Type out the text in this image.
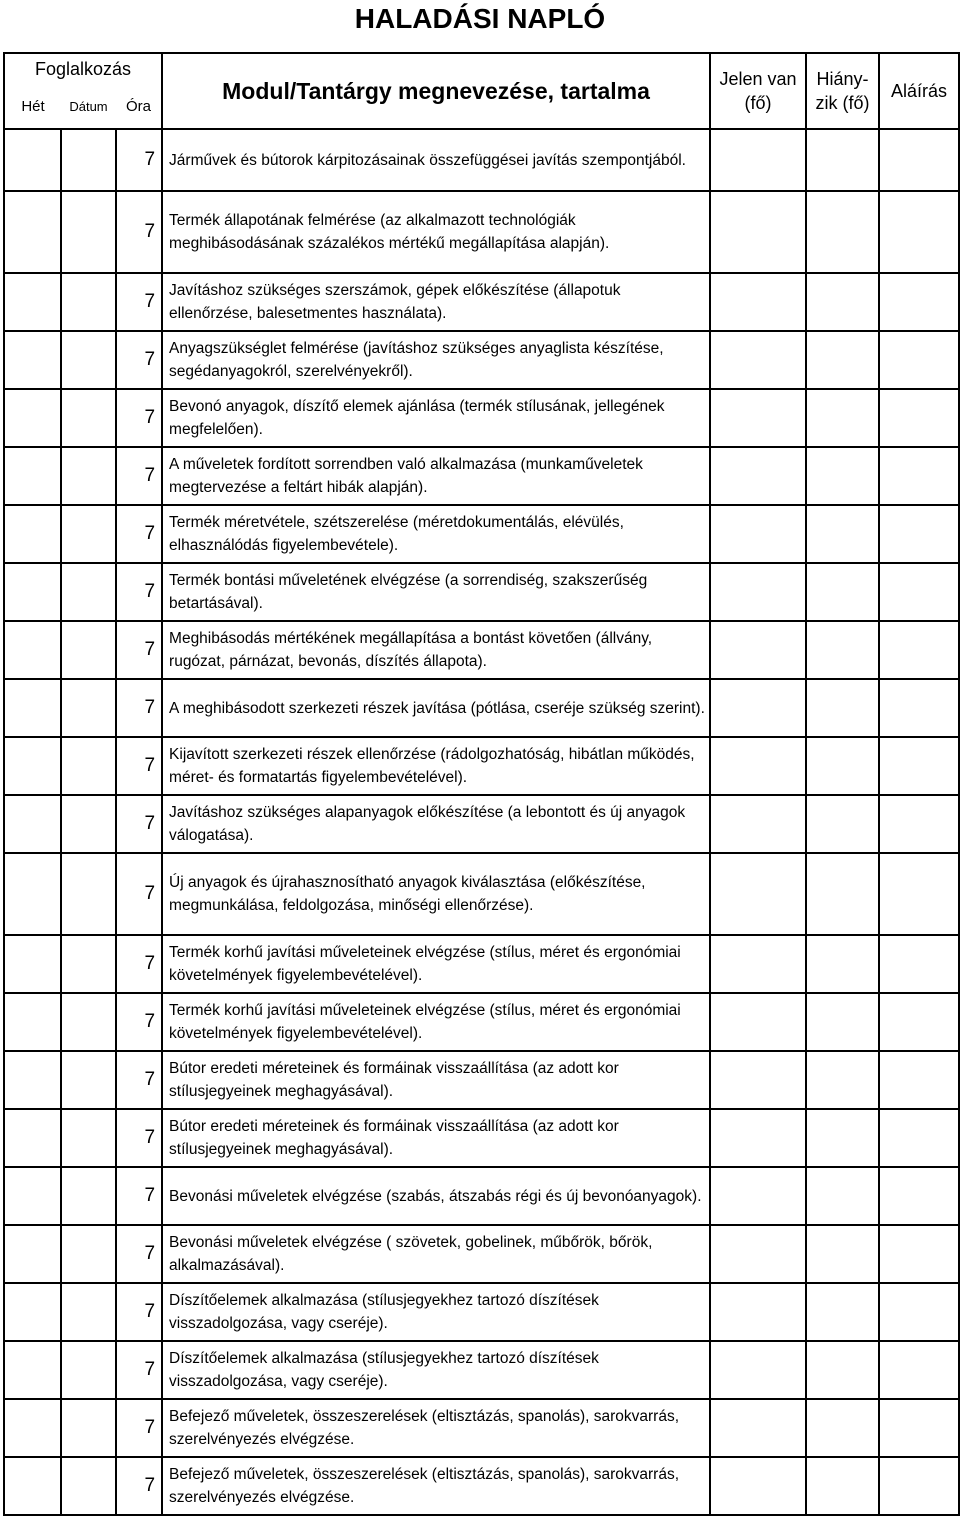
HALADÁSI NAPLÓ
Foglalkozás			Modul/Tantárgy megnevezése, tartalma	Jelen van (fő)	Hiány-zik (fő)	Aláírás
Hét	Dátum	Óra				
		7	Járművek és bútorok kárpitozásainak összefüggései javítás szempontjából.			
		7	Termék állapotának felmérése (az alkalmazott technológiák meghibásodásának százalékos mértékű megállapítása alapján).			
		7	Javításhoz szükséges szerszámok, gépek előkészítése (állapotuk ellenőrzése, balesetmentes használata).			
		7	Anyagszükséglet felmérése (javításhoz szükséges anyaglista készítése, segédanyagokról, szerelvényekről).			
		7	Bevonó anyagok, díszítő elemek ajánlása (termék stílusának, jellegének megfelelően).			
		7	A műveletek fordított sorrendben való alkalmazása (munkaműveletek megtervezése a feltárt hibák alapján).			
		7	Termék méretvétele, szétszerelése (méretdokumentálás, elévülés, elhasználódás figyelembevétele).			
		7	Termék bontási műveletének elvégzése (a sorrendiség, szakszerűség betartásával).			
		7	Meghibásodás mértékének megállapítása a bontást követően (állvány, rugózat, párnázat, bevonás, díszítés állapota).			
		7	A meghibásodott szerkezeti részek javítása (pótlása, cseréje szükség szerint).			
		7	Kijavított szerkezeti részek ellenőrzése (rádolgozhatóság, hibátlan működés, méret- és formatartás figyelembevételével).			
		7	Javításhoz szükséges alapanyagok előkészítése (a lebontott és új anyagok válogatása).			
		7	Új anyagok és újrahasznosítható anyagok kiválasztása (előkészítése, megmunkálása, feldolgozása, minőségi ellenőrzése).			
		7	Termék korhű javítási műveleteinek elvégzése (stílus, méret és ergonómiai követelmények figyelembevételével).			
		7	Termék korhű javítási műveleteinek elvégzése (stílus, méret és ergonómiai követelmények figyelembevételével).			
		7	Bútor eredeti méreteinek és formáinak visszaállítása (az adott kor stílusjegyeinek meghagyásával).			
		7	Bútor eredeti méreteinek és formáinak visszaállítása (az adott kor stílusjegyeinek meghagyásával).			
		7	Bevonási műveletek elvégzése (szabás, átszabás régi és új bevonóanyagok).			
		7	Bevonási műveletek elvégzése ( szövetek, gobelinek, műbőrök, bőrök, alkalmazásával).			
		7	Díszítőelemek alkalmazása (stílusjegyekhez tartozó díszítések visszadolgozása, vagy cseréje).			
		7	Díszítőelemek alkalmazása (stílusjegyekhez tartozó díszítések visszadolgozása, vagy cseréje).			
		7	Befejező műveletek, összeszerelések (eltisztázás, spanolás), sarokvarrás, szerelvényezés elvégzése.			
		7	Befejező műveletek, összeszerelések (eltisztázás, spanolás), sarokvarrás, szerelvényezés elvégzése.			
